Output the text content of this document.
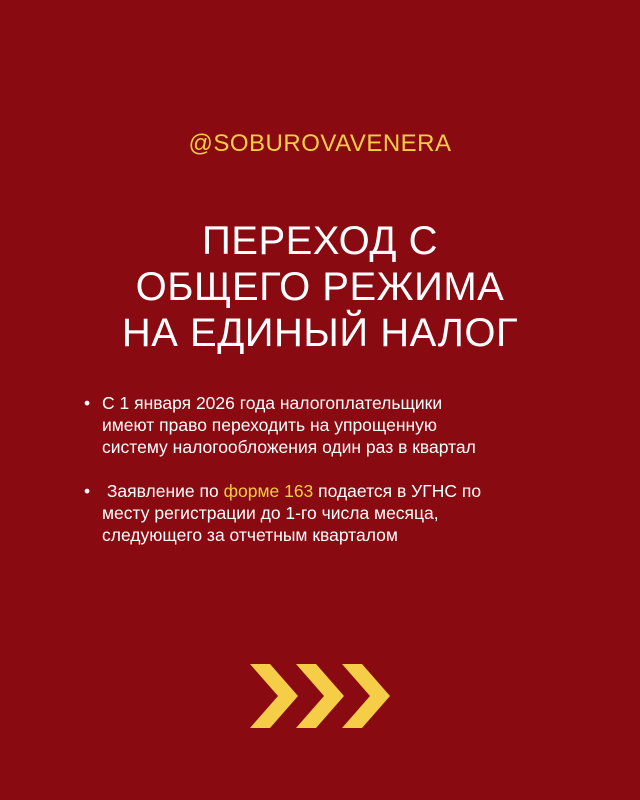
@SOBUROVAVENERA
ПЕРЕХОД С
ОБЩЕГО РЕЖИМА
НА ЕДИНЫЙ НАЛОГ
• С 1 января 2026 года налогоплательщики
имеют право переходить на упрощенную
систему налогообложения один раз в квартал
• Заявление по форме 163 подается в УГНС по
месту регистрации до 1-го числа месяца,
следующего за отчетным кварталом
